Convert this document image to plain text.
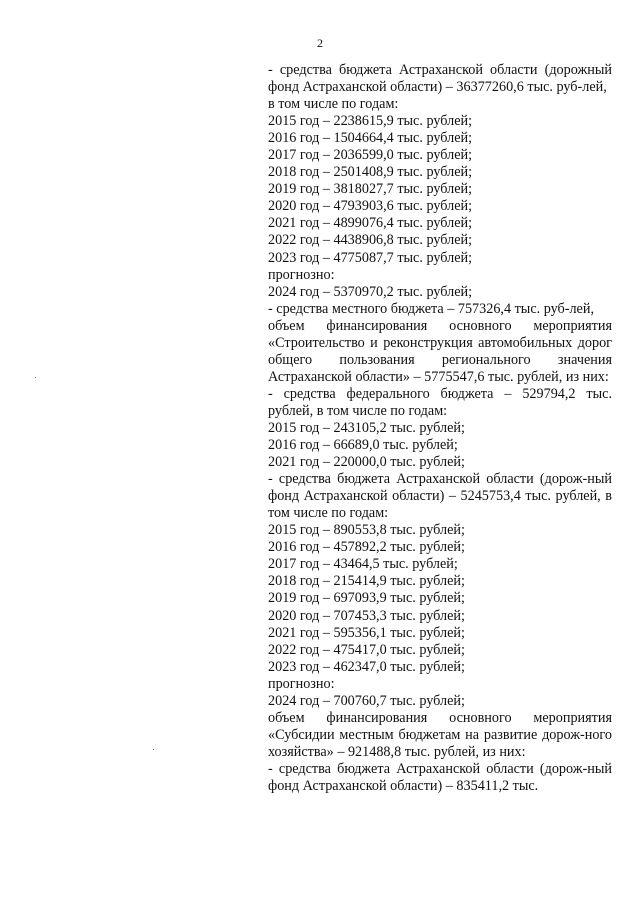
2

- средства бюджета Астраханской области (дорожный фонд Астраханской области) – 36377260,6 тыс. руб-лей,

в том числе по годам:

2015 год – 2238615,9 тыс. рублей;

2016 год – 1504664,4 тыс. рублей;

2017 год – 2036599,0 тыс. рублей;

2018 год – 2501408,9 тыс. рублей;

2019 год – 3818027,7 тыс. рублей;

2020 год – 4793903,6 тыс. рублей;

2021 год – 4899076,4 тыс. рублей;

2022 год – 4438906,8 тыс. рублей;

2023 год – 4775087,7 тыс. рублей;

прогнозно:

2024 год – 5370970,2 тыс. рублей;

- средства местного бюджета – 757326,4 тыс. руб-лей,

объем финансирования основного мероприятия «Строительство и реконструкция автомобильных дорог общего пользования регионального значения Астраханской области» – 5775547,6 тыс. рублей, из них:

- средства федерального бюджета – 529794,2 тыс. рублей, в том числе по годам:

2015 год – 243105,2 тыс. рублей;

2016 год – 66689,0 тыс. рублей;

2021 год – 220000,0 тыс. рублей;

- средства бюджета Астраханской области (дорож-ный фонд Астраханской области) – 5245753,4 тыс. рублей, в том числе по годам:

2015 год – 890553,8 тыс. рублей;

2016 год – 457892,2 тыс. рублей;

2017 год – 43464,5 тыс. рублей;

2018 год – 215414,9 тыс. рублей;

2019 год – 697093,9 тыс. рублей;

2020 год – 707453,3 тыс. рублей;

2021 год – 595356,1 тыс. рублей;

2022 год – 475417,0 тыс. рублей;

2023 год – 462347,0 тыс. рублей;

прогнозно:

2024 год – 700760,7 тыс. рублей;

объем финансирования основного мероприятия «Субсидии местным бюджетам на развитие дорож-ного хозяйства» – 921488,8 тыс. рублей, из них:

- средства бюджета Астраханской области (дорож-ный фонд Астраханской области) – 835411,2 тыс.
